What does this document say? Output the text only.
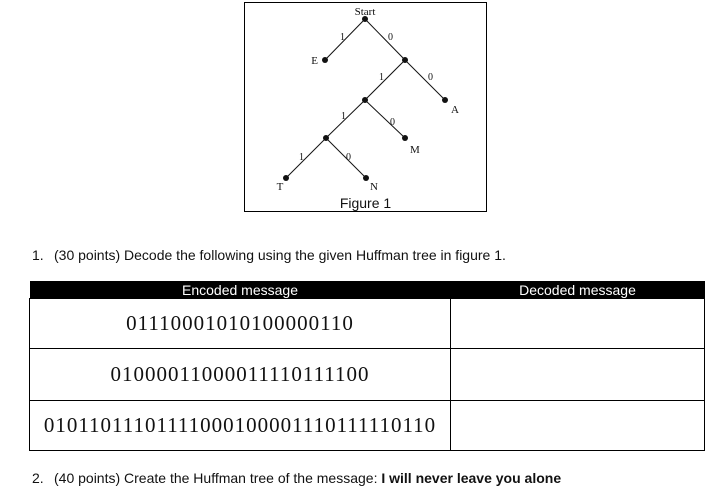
Start
E
A
M
T	N
1	0
1	0
1
0
1	0
Figure 1
1. (30 points) Decode the following using the given Huffman tree in figure 1.
Encoded message	Decoded message
01110001010100000110	
01000011000011110111100	
01011011101111000100001110111110110	
2. (40 points) Create the Huffman tree of the message: I will never leave you alone
